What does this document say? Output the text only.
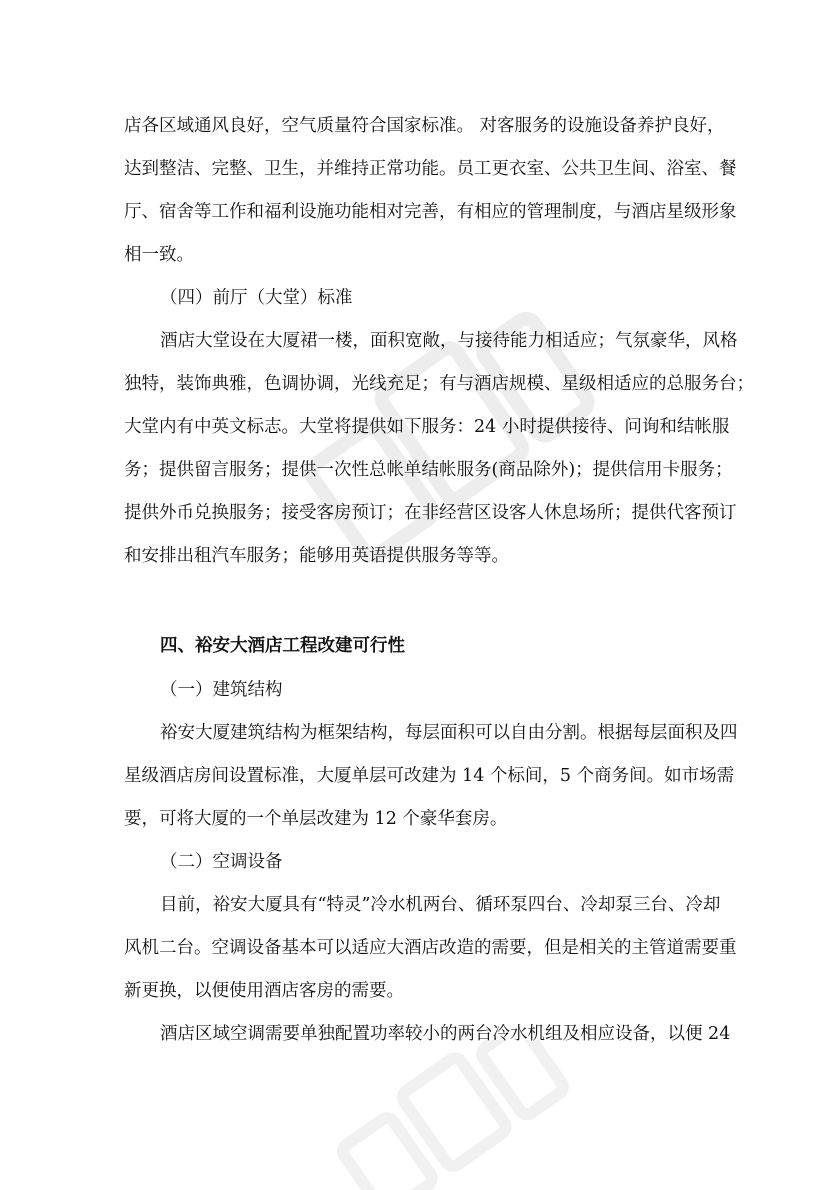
店各区域通风良好，空气质量符合国家标准。 对客服务的设施设备养护良好，
达到整洁、完整、卫生，并维持正常功能。员工更衣室、公共卫生间、浴室、餐
厅、宿舍等工作和福利设施功能相对完善，有相应的管理制度，与酒店星级形象
相一致。
（四）前厅（大堂）标准
酒店大堂设在大厦裙一楼，面积宽敞，与接待能力相适应；气氛豪华，风格
独特，装饰典雅，色调协调，光线充足；有与酒店规模、星级相适应的总服务台；
大堂内有中英文标志。大堂将提供如下服务：24 小时提供接待、问询和结帐服
务；提供留言服务；提供一次性总帐单结帐服务(商品除外)；提供信用卡服务；
提供外币兑换服务；接受客房预订；在非经营区设客人休息场所；提供代客预订
和安排出租汽车服务；能够用英语提供服务等等。
四、裕安大酒店工程改建可行性
（一）建筑结构
裕安大厦建筑结构为框架结构，每层面积可以自由分割。根据每层面积及四
星级酒店房间设置标准，大厦单层可改建为 14 个标间，5 个商务间。如市场需
要，可将大厦的一个单层改建为 12 个豪华套房。
（二）空调设备
目前，裕安大厦具有“特灵”冷水机两台、循环泵四台、冷却泵三台、冷却
风机二台。空调设备基本可以适应大酒店改造的需要，但是相关的主管道需要重
新更换，以便使用酒店客房的需要。
酒店区域空调需要单独配置功率较小的两台冷水机组及相应设备，以便 24
